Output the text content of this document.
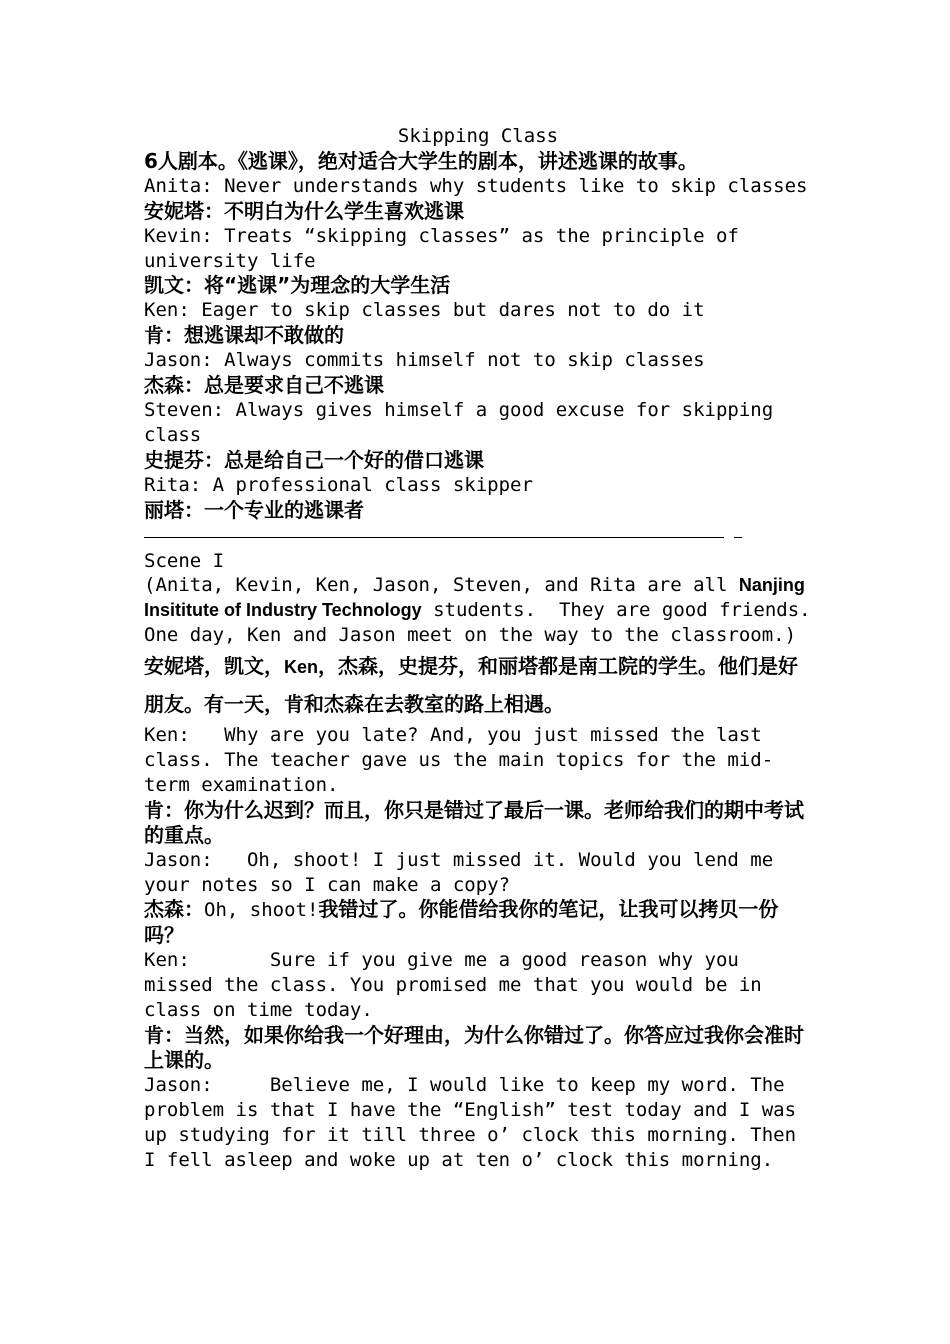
Skipping Class

6人剧本。《逃课》，绝对适合大学生的剧本，讲述逃课的故事。

Anita: Never understands why students like to skip classes

安妮塔：不明白为什么学生喜欢逃课

Kevin: Treats “skipping classes” as the principle of university life

凯文：将“逃课”为理念的大学生活

Ken: Eager to skip classes but dares not to do it

肯：想逃课却不敢做的

Jason: Always commits himself not to skip classes

杰森：总是要求自己不逃课

Steven: Always gives himself a good excuse for skipping class

史提芬：总是给自己一个好的借口逃课

Rita: A professional class skipper

丽塔：一个专业的逃课者

Scene I

(Anita, Kevin, Ken, Jason, Steven, and Rita are all Nanjing Insititute of Industry Technology students.  They are good friends. One day, Ken and Jason meet on the way to the classroom.)安妮塔，凯文，Ken，杰森，史提芬，和丽塔都是南工院的学生。他们是好朋友。有一天，肯和杰森在去教室的路上相遇。

Ken:   Why are you late? And, you just missed the last class. The teacher gave us the main topics for the mid-term examination.

肯：你为什么迟到？而且，你只是错过了最后一课。老师给我们的期中考试的重点。

Jason:   Oh, shoot! I just missed it. Would you lend me your notes so I can make a copy?

杰森：Oh, shoot!我错过了。你能借给我你的笔记，让我可以拷贝一份吗？

Ken:       Sure if you give me a good reason why you missed the class. You promised me that you would be in class on time today.

肯：当然，如果你给我一个好理由，为什么你错过了。你答应过我你会准时上课的。

Jason:     Believe me, I would like to keep my word. The problem is that I have the “English” test today and I was up studying for it till three o’ clock this morning. Then I fell asleep and woke up at ten o’ clock this morning.
